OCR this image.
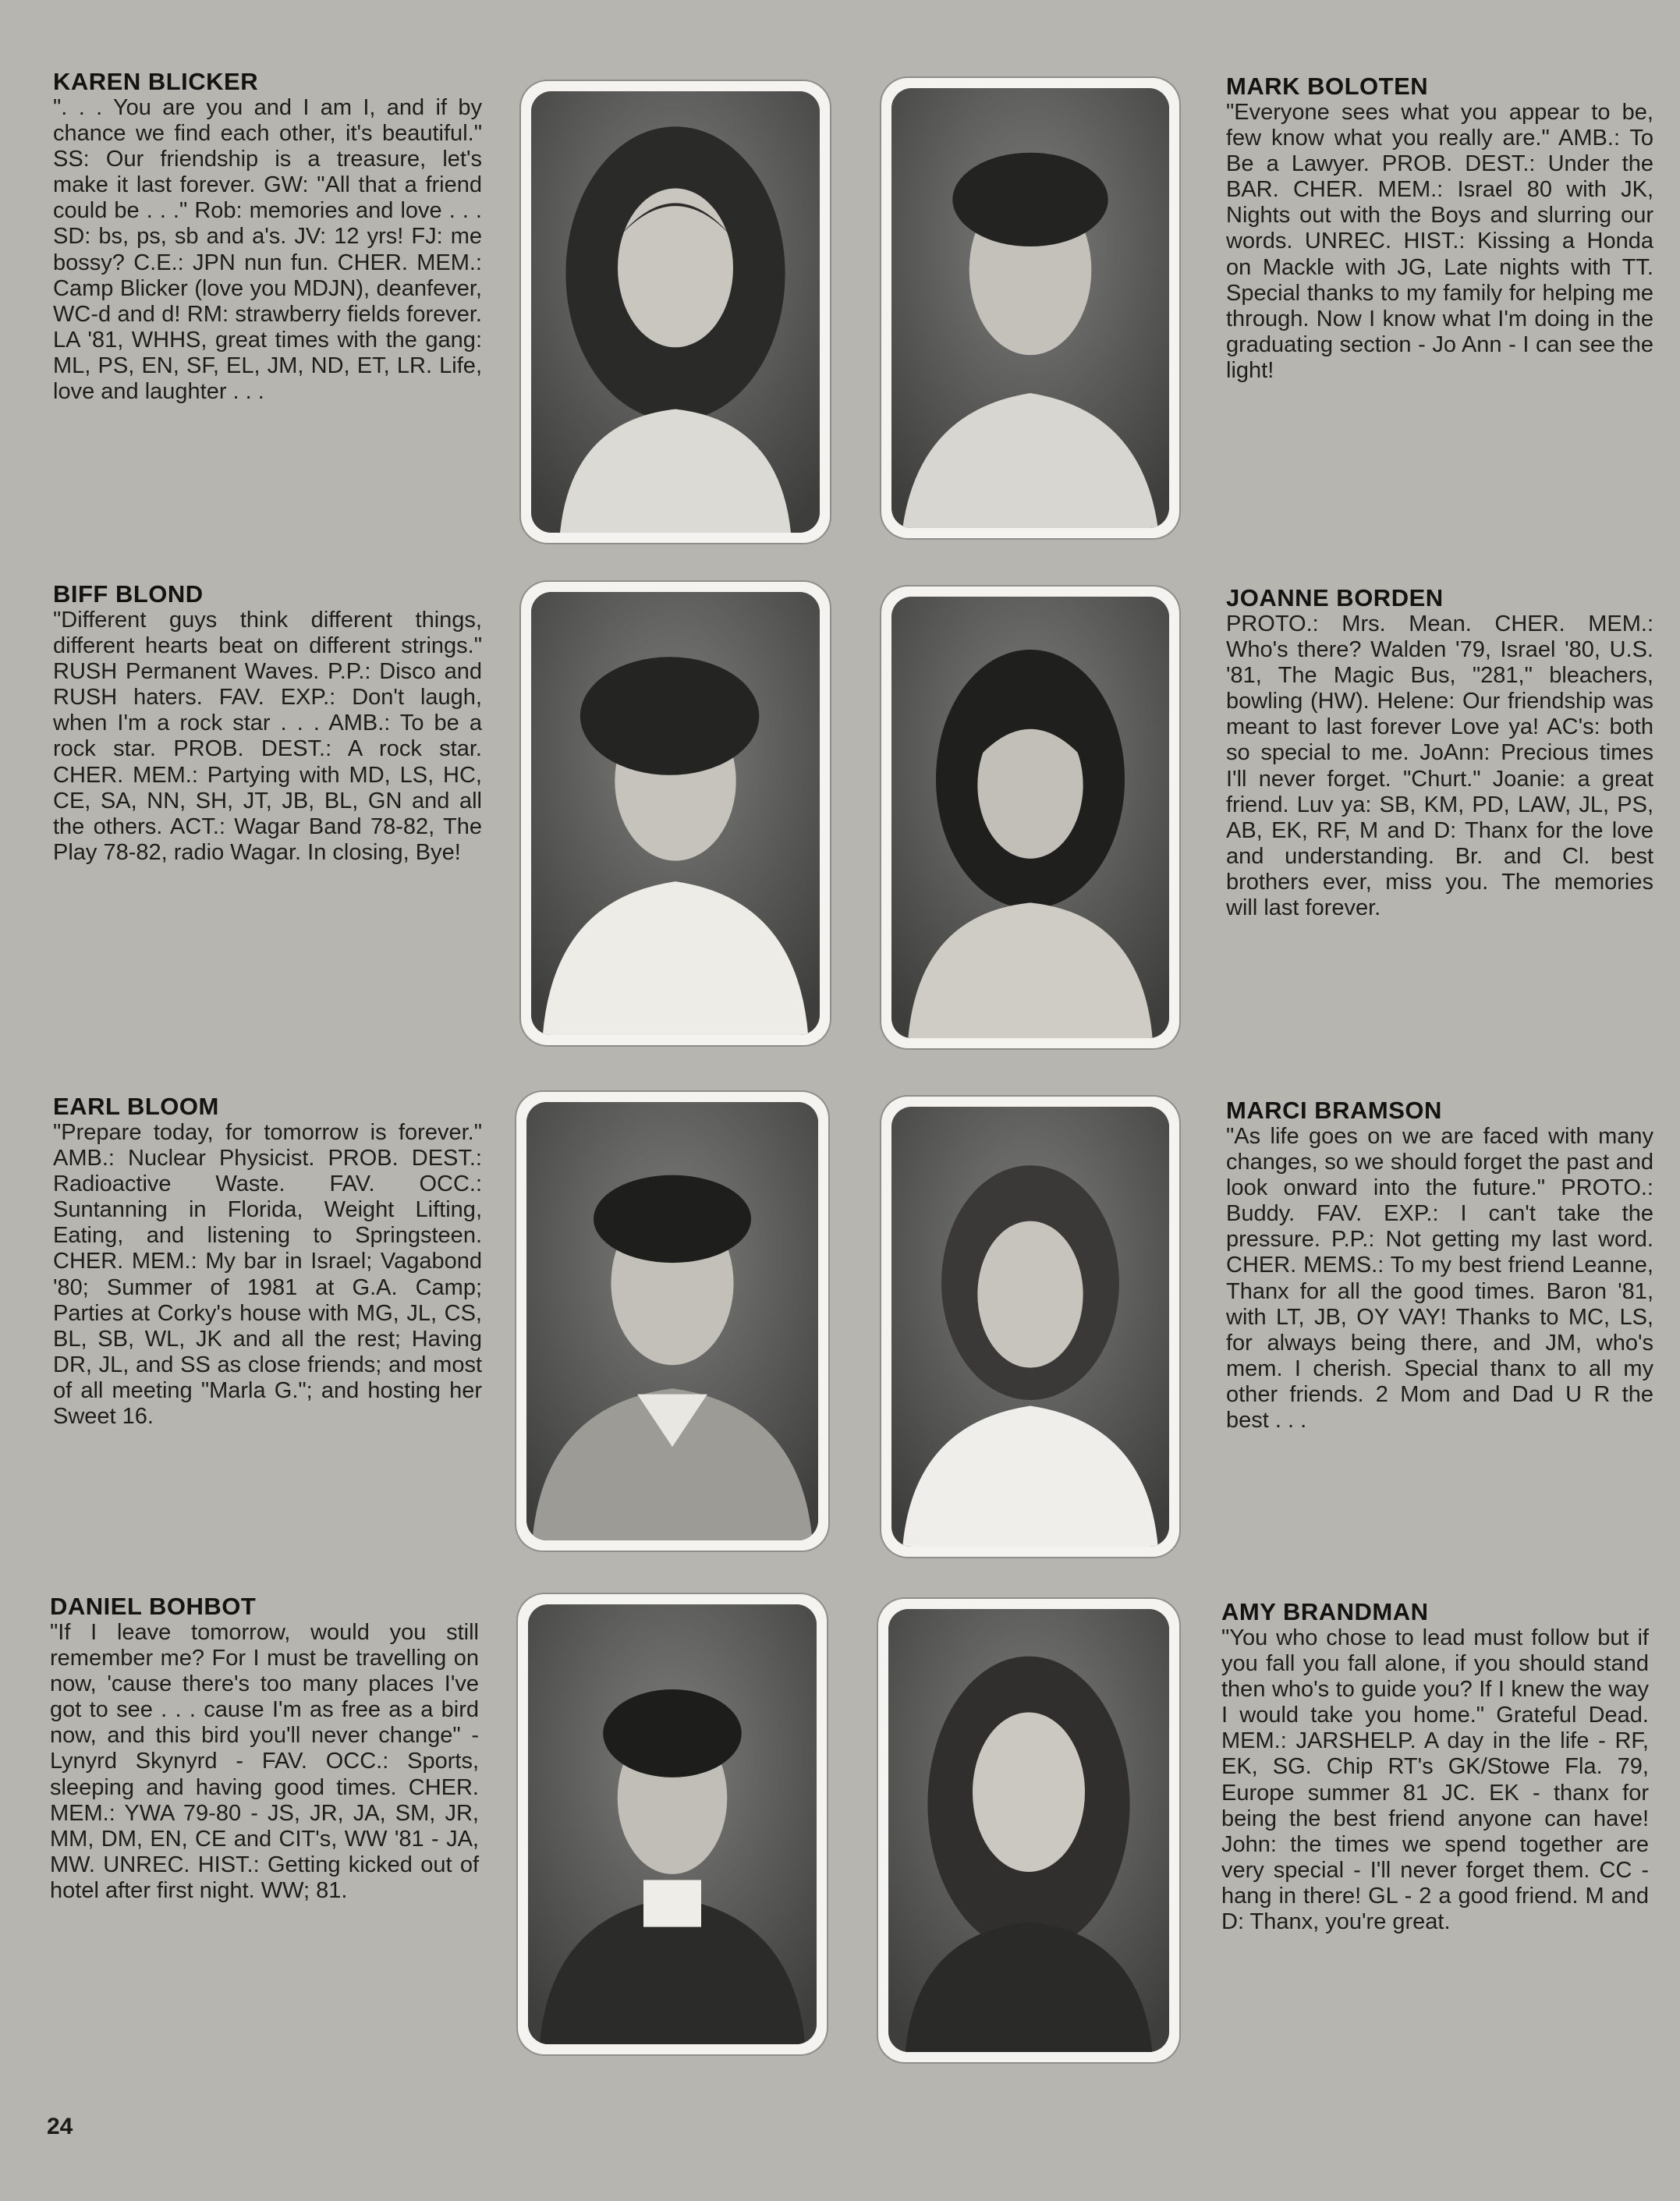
KAREN BLICKER

". . . You are you and I am I, and if by chance we find each other, it's beautiful." SS: Our friendship is a treasure, let's make it last forever. GW: "All that a friend could be . . ." Rob: memories and love . . . SD: bs, ps, sb and a's. JV: 12 yrs! FJ: me bossy? C.E.: JPN nun fun. CHER. MEM.: Camp Blicker (love you MDJN), deanfever, WC-d and d! RM: strawberry fields forever. LA '81, WHHS, great times with the gang: ML, PS, EN, SF, EL, JM, ND, ET, LR. Life, love and laughter . . .

BIFF BLOND

"Different guys think different things, different hearts beat on different strings." RUSH Permanent Waves. P.P.: Disco and RUSH haters. FAV. EXP.: Don't laugh, when I'm a rock star . . . AMB.: To be a rock star. PROB. DEST.: A rock star. CHER. MEM.: Partying with MD, LS, HC, CE, SA, NN, SH, JT, JB, BL, GN and all the others. ACT.: Wagar Band 78-82, The Play 78-82, radio Wagar. In closing, Bye!

EARL BLOOM

"Prepare today, for tomorrow is forever." AMB.: Nuclear Physicist. PROB. DEST.: Radioactive Waste. FAV. OCC.: Suntanning in Florida, Weight Lifting, Eating, and listening to Springsteen. CHER. MEM.: My bar in Israel; Vagabond '80; Summer of 1981 at G.A. Camp; Parties at Corky's house with MG, JL, CS, BL, SB, WL, JK and all the rest; Having DR, JL, and SS as close friends; and most of all meeting "Marla G."; and hosting her Sweet 16.

DANIEL BOHBOT

"If I leave tomorrow, would you still remember me? For I must be travelling on now, 'cause there's too many places I've got to see . . . cause I'm as free as a bird now, and this bird you'll never change" - Lynyrd Skynyrd - FAV. OCC.: Sports, sleeping and having good times. CHER. MEM.: YWA 79-80 - JS, JR, JA, SM, JR, MM, DM, EN, CE and CIT's, WW '81 - JA, MW. UNREC. HIST.: Getting kicked out of hotel after first night. WW; 81.

MARK BOLOTEN

"Everyone sees what you appear to be, few know what you really are." AMB.: To Be a Lawyer. PROB. DEST.: Under the BAR. CHER. MEM.: Israel 80 with JK, Nights out with the Boys and slurring our words. UNREC. HIST.: Kissing a Honda on Mackle with JG, Late nights with TT. Special thanks to my family for helping me through. Now I know what I'm doing in the graduating section - Jo Ann - I can see the light!

JOANNE BORDEN

PROTO.: Mrs. Mean. CHER. MEM.: Who's there? Walden '79, Israel '80, U.S. '81, The Magic Bus, "281," bleachers, bowling (HW). Helene: Our friendship was meant to last forever Love ya! AC's: both so special to me. JoAnn: Precious times I'll never forget. "Churt." Joanie: a great friend. Luv ya: SB, KM, PD, LAW, JL, PS, AB, EK, RF, M and D: Thanx for the love and understanding. Br. and Cl. best brothers ever, miss you. The memories will last forever.

MARCI BRAMSON

"As life goes on we are faced with many changes, so we should forget the past and look onward into the future." PROTO.: Buddy. FAV. EXP.: I can't take the pressure. P.P.: Not getting my last word. CHER. MEMS.: To my best friend Leanne, Thanx for all the good times. Baron '81, with LT, JB, OY VAY! Thanks to MC, LS, for always being there, and JM, who's mem. I cherish. Special thanx to all my other friends. 2 Mom and Dad U R the best . . .

AMY BRANDMAN

"You who chose to lead must follow but if you fall you fall alone, if you should stand then who's to guide you? If I knew the way I would take you home." Grateful Dead. MEM.: JARSHELP. A day in the life - RF, EK, SG. Chip RT's GK/Stowe Fla. 79, Europe summer 81 JC. EK - thanx for being the best friend anyone can have! John: the times we spend together are very special - I'll never forget them. CC - hang in there! GL - 2 a good friend. M and D: Thanx, you're great.

24
